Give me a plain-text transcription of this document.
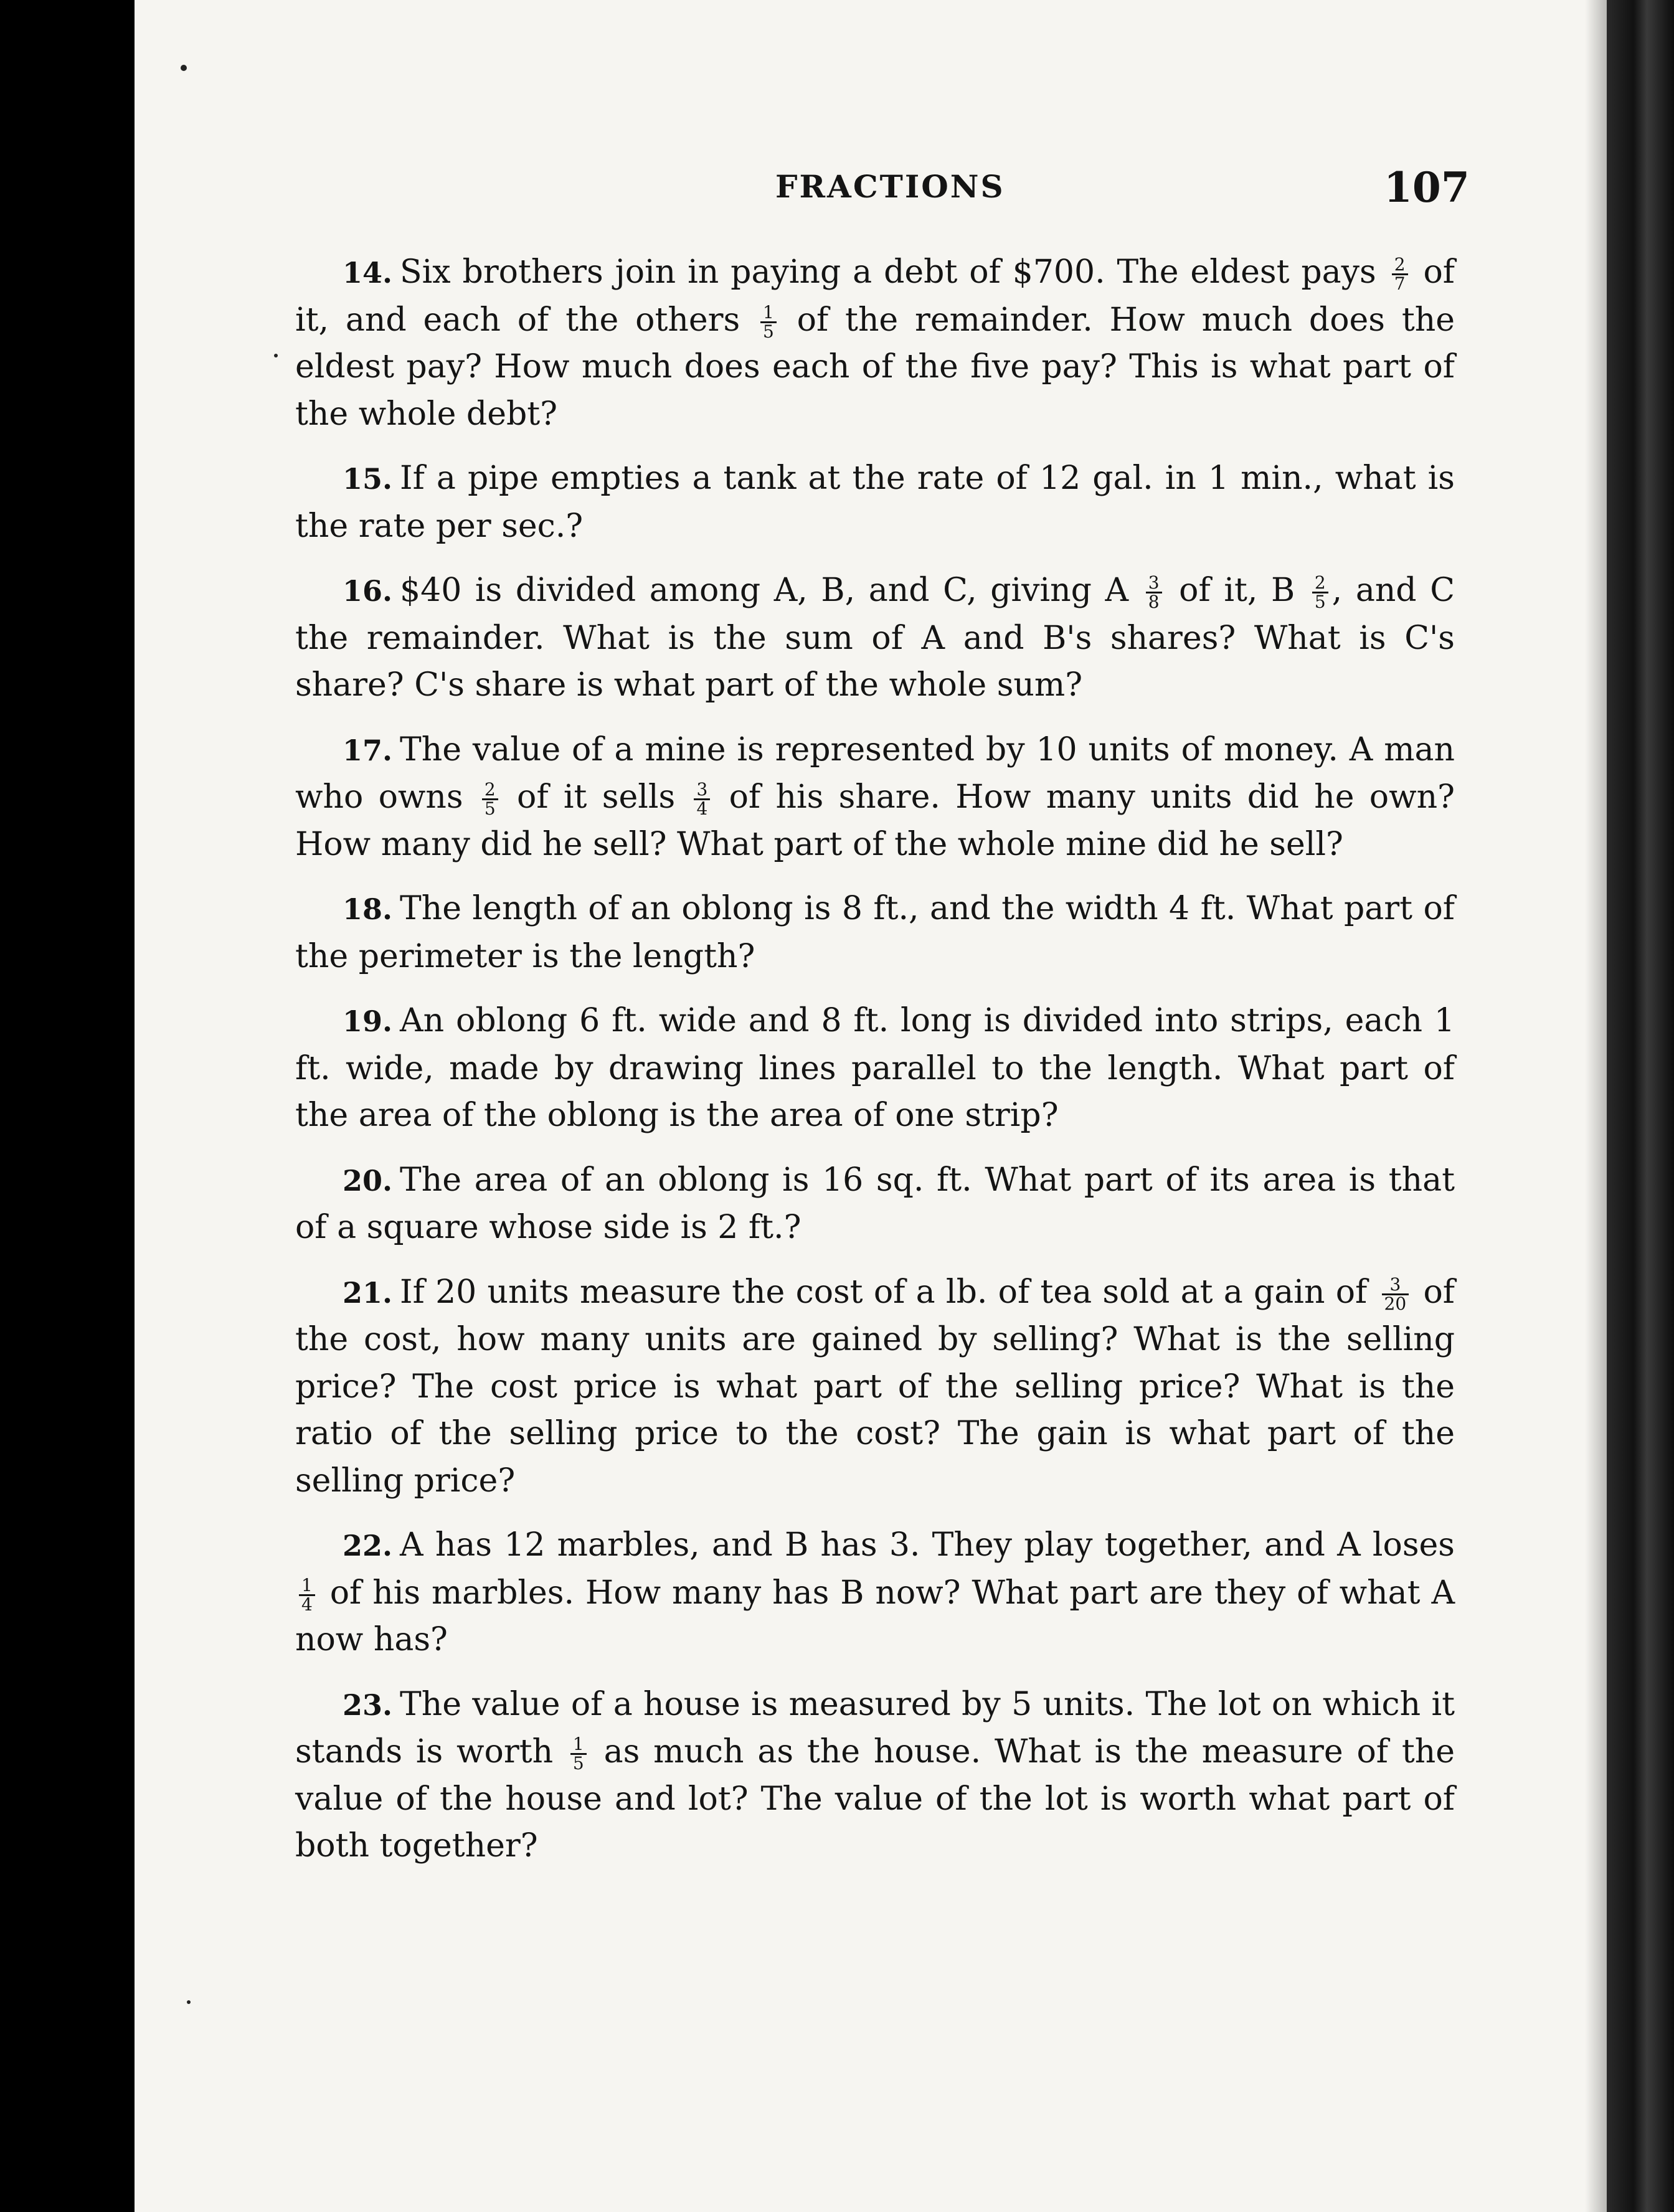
FRACTIONS	107

14. Six brothers join in paying a debt of $700. The eldest pays $\frac{2}{7}$ of it, and each of the others $\frac{1}{5}$ of the remainder. How much does the eldest pay? How much does each of the five pay? This is what part of the whole debt?

15. If a pipe empties a tank at the rate of 12 gal. in 1 min., what is the rate per sec.?

16. $40 is divided among A, B, and C, giving A $\frac{3}{8}$ of it, B $\frac{2}{5}$ , and C the remainder. What is the sum of A and B's shares? What is C's share? C's share is what part of the whole sum?

17. The value of a mine is represented by 10 units of money. A man who owns $\frac{2}{5}$ of it sells $\frac{3}{4}$ of his share. How many units did he own? How many did he sell? What part of the whole mine did he sell?

18. The length of an oblong is 8 ft., and the width 4 ft. What part of the perimeter is the length?

19. An oblong 6 ft. wide and 8 ft. long is divided into strips, each 1 ft. wide, made by drawing lines parallel to the length. What part of the area of the oblong is the area of one strip?

20. The area of an oblong is 16 sq. ft. What part of its area is that of a square whose side is 2 ft.?

21. If 20 units measure the cost of a lb. of tea sold at a gain of $\frac{3}{20}$ of the cost, how many units are gained by selling? What is the selling price? The cost price is what part of the selling price? What is the ratio of the selling price to the cost? The gain is what part of the selling price?

22. A has 12 marbles, and B has 3. They play together, and A loses
$\frac{1}{4}$ of his marbles. How many has B now? What part are they of what A now has?

23. The value of a house is measured by 5 units. The lot on which it stands is worth $\frac{1}{5}$ as much as the house. What is the measure of the value of the house and lot? The value of the lot is worth what part of both together?
